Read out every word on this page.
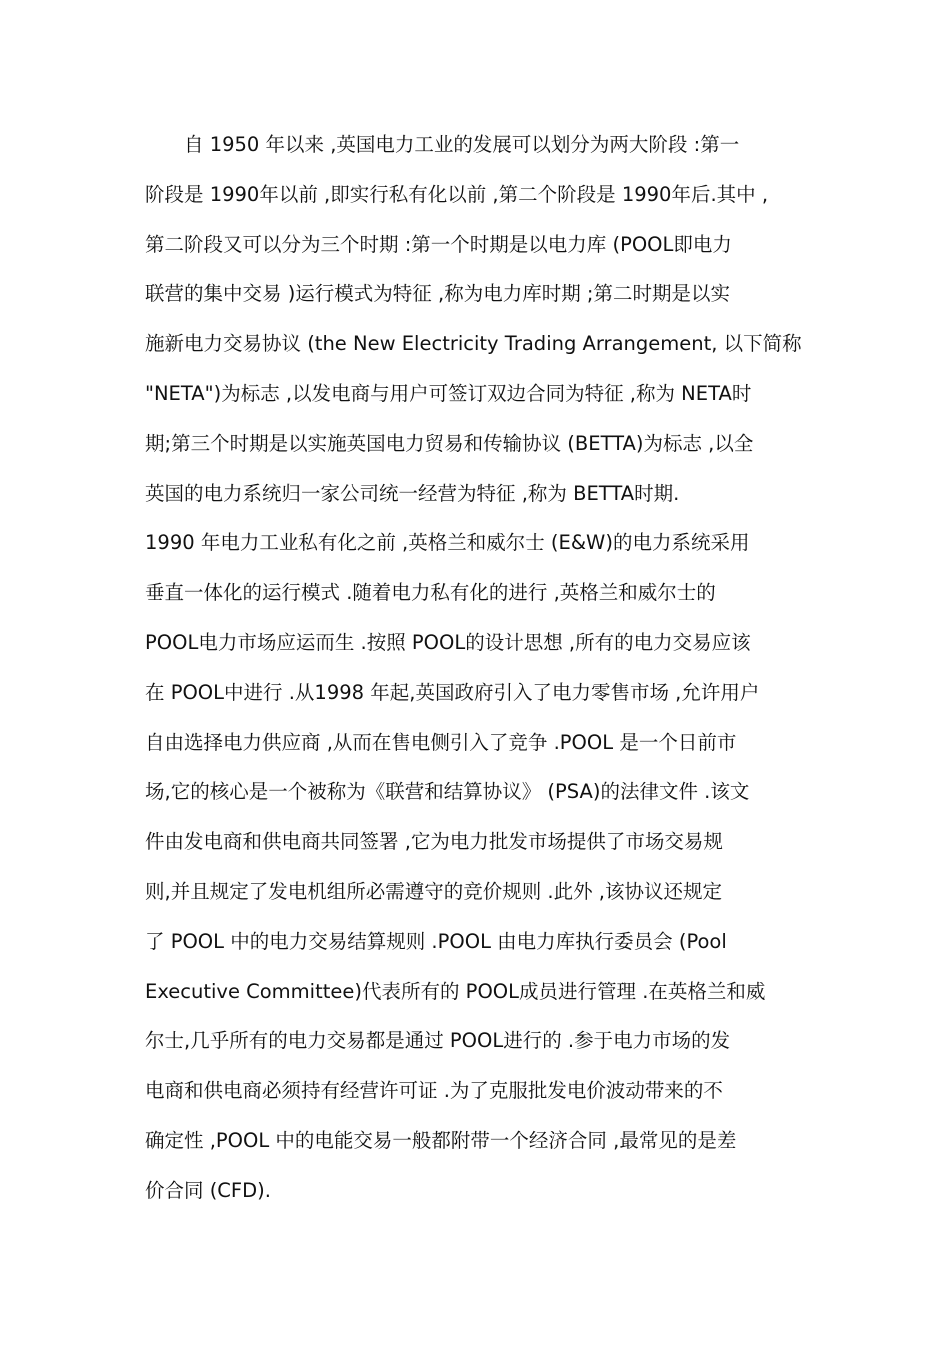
　　自 1950 年以来 ,英国电力工业的发展可以划分为两大阶段 :第一
阶段是 1990年以前 ,即实行私有化以前 ,第二个阶段是 1990年后.其中 ,
第二阶段又可以分为三个时期 :第一个时期是以电力库 (POOL即电力
联营的集中交易 )运行模式为特征 ,称为电力库时期 ;第二时期是以实
施新电力交易协议 (the New Electricity Trading Arrangement, 以下简称
"NETA")为标志 ,以发电商与用户可签订双边合同为特征 ,称为 NETA时
期;第三个时期是以实施英国电力贸易和传输协议 (BETTA)为标志 ,以全
英国的电力系统归一家公司统一经营为特征 ,称为 BETTA时期.
1990 年电力工业私有化之前 ,英格兰和威尔士 (E&W)的电力系统采用
垂直一体化的运行模式 .随着电力私有化的进行 ,英格兰和威尔士的
POOL电力市场应运而生 .按照 POOL的设计思想 ,所有的电力交易应该
在 POOL中进行 .从1998 年起,英国政府引入了电力零售市场 ,允许用户
自由选择电力供应商 ,从而在售电侧引入了竞争 .POOL 是一个日前市
场,它的核心是一个被称为《联营和结算协议》 (PSA)的法律文件 .该文
件由发电商和供电商共同签署 ,它为电力批发市场提供了市场交易规
则,并且规定了发电机组所必需遵守的竞价规则 .此外 ,该协议还规定
了 POOL 中的电力交易结算规则 .POOL 由电力库执行委员会 (Pool
Executive Committee)代表所有的 POOL成员进行管理 .在英格兰和威
尔士,几乎所有的电力交易都是通过 POOL进行的 .参于电力市场的发
电商和供电商必须持有经营许可证 .为了克服批发电价波动带来的不
确定性 ,POOL 中的电能交易一般都附带一个经济合同 ,最常见的是差
价合同 (CFD).
